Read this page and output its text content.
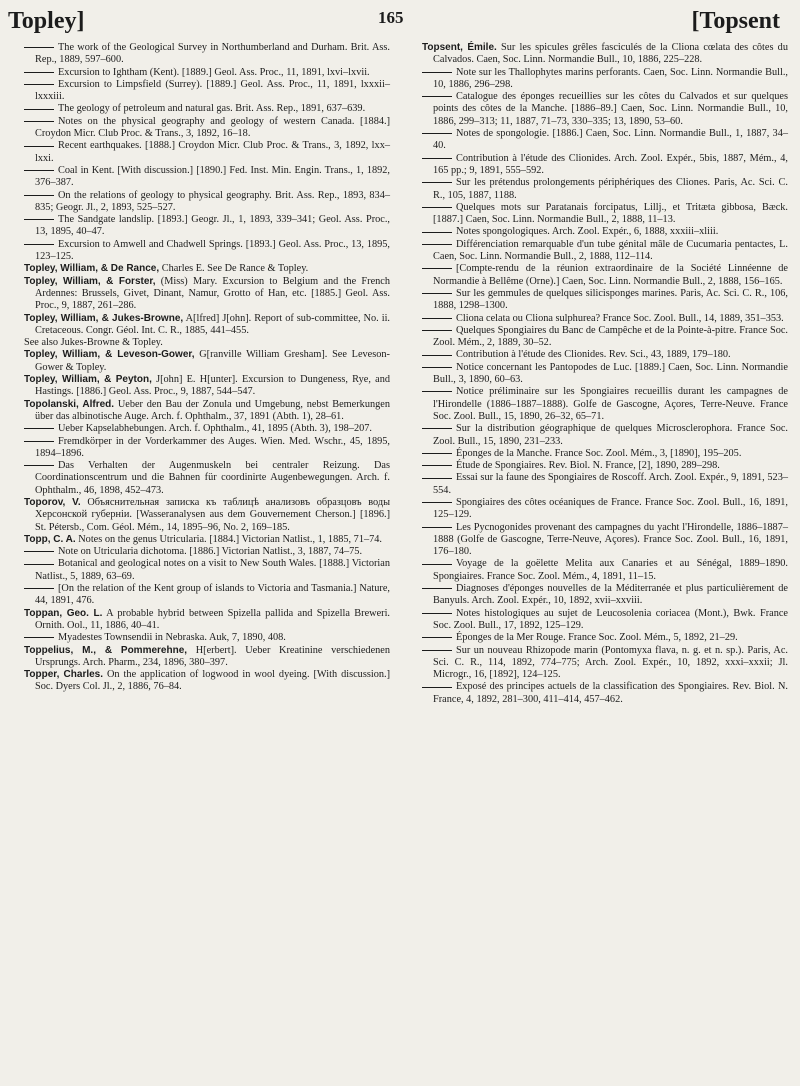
Topley]	165	[Topsent

The work of the Geological Survey in Northumberland and Durham. Brit. Ass. Rep., 1889, 597–600.

Excursion to Ightham (Kent). [1889.] Geol. Ass. Proc., 11, 1891, lxvi–lxvii.

Excursion to Limpsfield (Surrey). [1889.] Geol. Ass. Proc., 11, 1891, lxxxii–lxxxiii.

The geology of petroleum and natural gas. Brit. Ass. Rep., 1891, 637–639.

Notes on the physical geography and geology of western Canada. [1884.] Croydon Micr. Club Proc. & Trans., 3, 1892, 16–18.

Recent earthquakes. [1888.] Croydon Micr. Club Proc. & Trans., 3, 1892, lxx–lxxi.

Coal in Kent. [With discussion.] [1890.] Fed. Inst. Min. Engin. Trans., 1, 1892, 376–387.

On the relations of geology to physical geography. Brit. Ass. Rep., 1893, 834–835; Geogr. Jl., 2, 1893, 525–527.

The Sandgate landslip. [1893.] Geogr. Jl., 1, 1893, 339–341; Geol. Ass. Proc., 13, 1895, 40–47.

Excursion to Amwell and Chadwell Springs. [1893.] Geol. Ass. Proc., 13, 1895, 123–125.

Topley, William, & De Rance, Charles E. See De Rance & Topley.

Topley, William, & Forster, (Miss) Mary. Excursion to Belgium and the French Ardennes: Brussels, Givet, Dinant, Namur, Grotto of Han, etc. [1885.] Geol. Ass. Proc., 9, 1887, 261–286.

Topley, William, & Jukes-Browne, A[lfred] J[ohn]. Report of sub-committee, No. ii. Cretaceous. Congr. Géol. Int. C. R., 1885, 441–455.

See also Jukes-Browne & Topley.

Topley, William, & Leveson-Gower, G[ranville William Gresham]. See Leveson-Gower & Topley.

Topley, William, & Peyton, J[ohn] E. H[unter]. Excursion to Dungeness, Rye, and Hastings. [1886.] Geol. Ass. Proc., 9, 1887, 544–547.

Topolanski, Alfred. Ueber den Bau der Zonula und Umgebung, nebst Bemerkungen über das albinotische Auge. Arch. f. Ophthalm., 37, 1891 (Abth. 1), 28–61.

Ueber Kapselabhebungen. Arch. f. Ophthalm., 41, 1895 (Abth. 3), 198–207.

Fremdkörper in der Vorderkammer des Auges. Wien. Med. Wschr., 45, 1895, 1894–1896.

Das Verhalten der Augenmuskeln bei centraler Reizung. Das Coordinationscentrum und die Bahnen für coordinirte Augenbewegungen. Arch. f. Ophthalm., 46, 1898, 452–473.

Toporov, V. Объяснительная записка къ таблицѣ анализовъ образцовъ воды Херсонской губерніи. [Wasseranalysen aus dem Gouvernement Cherson.] [1896.] St. Pétersb., Com. Géol. Mém., 14, 1895–96, No. 2, 169–185.

Topp, C. A. Notes on the genus Utricularia. [1884.] Victorian Natlist., 1, 1885, 71–74.

Note on Utricularia dichotoma. [1886.] Victorian Natlist., 3, 1887, 74–75.

Botanical and geological notes on a visit to New South Wales. [1888.] Victorian Natlist., 5, 1889, 63–69.

[On the relation of the Kent group of islands to Victoria and Tasmania.] Nature, 44, 1891, 476.

Toppan, Geo. L. A probable hybrid between Spizella pallida and Spizella Breweri. Ornith. Ool., 11, 1886, 40–41.

Myadestes Townsendii in Nebraska. Auk, 7, 1890, 408.

Toppelius, M., & Pommerehne, H[erbert]. Ueber Kreatinine verschiedenen Ursprungs. Arch. Pharm., 234, 1896, 380–397.

Topper, Charles. On the application of logwood in wool dyeing. [With discussion.] Soc. Dyers Col. Jl., 2, 1886, 76–84.

Topsent, Émile. Sur les spicules grêles fasciculés de la Cliona cœlata des côtes du Calvados. Caen, Soc. Linn. Normandie Bull., 10, 1886, 225–228.

Note sur les Thallophytes marins perforants. Caen, Soc. Linn. Normandie Bull., 10, 1886, 296–298.

Catalogue des éponges recueillies sur les côtes du Calvados et sur quelques points des côtes de la Manche. [1886–89.] Caen, Soc. Linn. Normandie Bull., 10, 1886, 299–313; 11, 1887, 71–73, 330–335; 13, 1890, 53–60.

Notes de spongologie. [1886.] Caen, Soc. Linn. Normandie Bull., 1, 1887, 34–40.

Contribution à l'étude des Clionides. Arch. Zool. Expér., 5bis, 1887, Mém., 4, 165 pp.; 9, 1891, 555–592.

Sur les prétendus prolongements périphériques des Cliones. Paris, Ac. Sci. C. R., 105, 1887, 1188.

Quelques mots sur Paratanais forcipatus, Lillj., et Tritæta gibbosa, Bæck. [1887.] Caen, Soc. Linn. Normandie Bull., 2, 1888, 11–13.

Notes spongologiques. Arch. Zool. Expér., 6, 1888, xxxiii–xliii.

Différenciation remarquable d'un tube génital mâle de Cucumaria pentactes, L. Caen, Soc. Linn. Normandie Bull., 2, 1888, 112–114.

[Compte-rendu de la réunion extraordinaire de la Société Linnéenne de Normandie à Bellême (Orne).] Caen, Soc. Linn. Normandie Bull., 2, 1888, 156–165.

Sur les gemmules de quelques silicisponges marines. Paris, Ac. Sci. C. R., 106, 1888, 1298–1300.

Cliona celata ou Cliona sulphurea? France Soc. Zool. Bull., 14, 1889, 351–353.

Quelques Spongiaires du Banc de Campêche et de la Pointe-à-pitre. France Soc. Zool. Mém., 2, 1889, 30–52.

Contribution à l'étude des Clionides. Rev. Sci., 43, 1889, 179–180.

Notice concernant les Pantopodes de Luc. [1889.] Caen, Soc. Linn. Normandie Bull., 3, 1890, 60–63.

Notice préliminaire sur les Spongiaires recueillis durant les campagnes de l'Hirondelle (1886–1887–1888). Golfe de Gascogne, Açores, Terre-Neuve. France Soc. Zool. Bull., 15, 1890, 26–32, 65–71.

Sur la distribution géographique de quelques Microsclerophora. France Soc. Zool. Bull., 15, 1890, 231–233.

Éponges de la Manche. France Soc. Zool. Mém., 3, [1890], 195–205.

Étude de Spongiaires. Rev. Biol. N. France, [2], 1890, 289–298.

Essai sur la faune des Spongiaires de Roscoff. Arch. Zool. Expér., 9, 1891, 523–554.

Spongiaires des côtes océaniques de France. France Soc. Zool. Bull., 16, 1891, 125–129.

Les Pycnogonides provenant des campagnes du yacht l'Hirondelle, 1886–1887–1888 (Golfe de Gascogne, Terre-Neuve, Açores). France Soc. Zool. Bull., 16, 1891, 176–180.

Voyage de la goëlette Melita aux Canaries et au Sénégal, 1889–1890. Spongiaires. France Soc. Zool. Mém., 4, 1891, 11–15.

Diagnoses d'éponges nouvelles de la Méditerranée et plus particulièrement de Banyuls. Arch. Zool. Expér., 10, 1892, xvii–xxviii.

Notes histologiques au sujet de Leucosolenia coriacea (Mont.), Bwk. France Soc. Zool. Bull., 17, 1892, 125–129.

Éponges de la Mer Rouge. France Soc. Zool. Mém., 5, 1892, 21–29.

Sur un nouveau Rhizopode marin (Pontomyxa flava, n. g. et n. sp.). Paris, Ac. Sci. C. R., 114, 1892, 774–775; Arch. Zool. Expér., 10, 1892, xxxi–xxxii; Jl. Microgr., 16, [1892], 124–125.

Exposé des principes actuels de la classification des Spongiaires. Rev. Biol. N. France, 4, 1892, 281–300, 411–414, 457–462.
